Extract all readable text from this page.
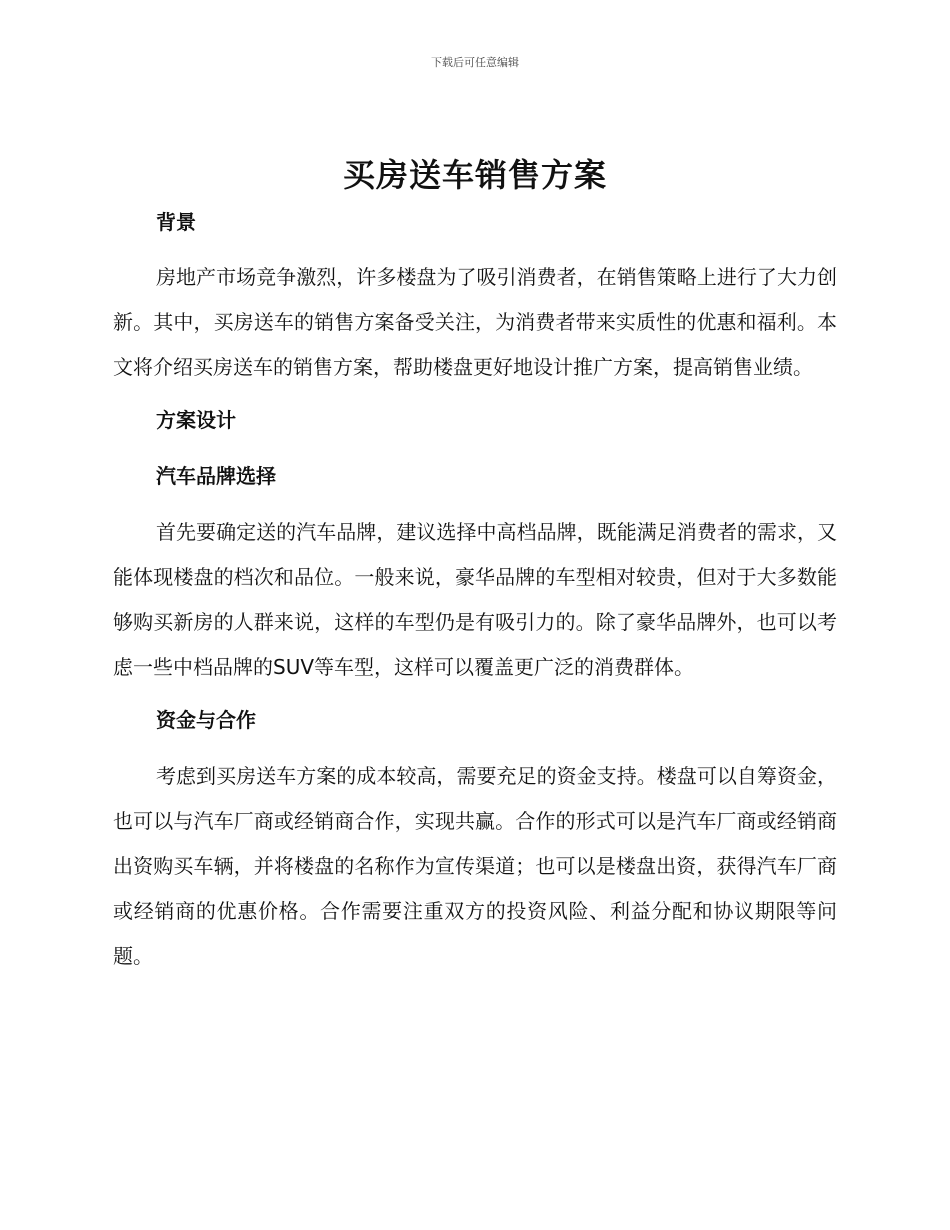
下载后可任意编辑
买房送车销售方案
背景

房地产市场竞争激烈，许多楼盘为了吸引消费者，在销售策略上进行了大力创新。其中，买房送车的销售方案备受关注，为消费者带来实质性的优惠和福利。本文将介绍买房送车的销售方案，帮助楼盘更好地设计推广方案，提高销售业绩。

方案设计
汽车品牌选择

首先要确定送的汽车品牌，建议选择中高档品牌，既能满足消费者的需求，又能体现楼盘的档次和品位。一般来说，豪华品牌的车型相对较贵，但对于大多数能够购买新房的人群来说，这样的车型仍是有吸引力的。除了豪华品牌外，也可以考虑一些中档品牌的SUV等车型，这样可以覆盖更广泛的消费群体。

资金与合作

考虑到买房送车方案的成本较高，需要充足的资金支持。楼盘可以自筹资金，也可以与汽车厂商或经销商合作，实现共赢。合作的形式可以是汽车厂商或经销商出资购买车辆，并将楼盘的名称作为宣传渠道；也可以是楼盘出资，获得汽车厂商或经销商的优惠价格。合作需要注重双方的投资风险、利益分配和协议期限等问题。
